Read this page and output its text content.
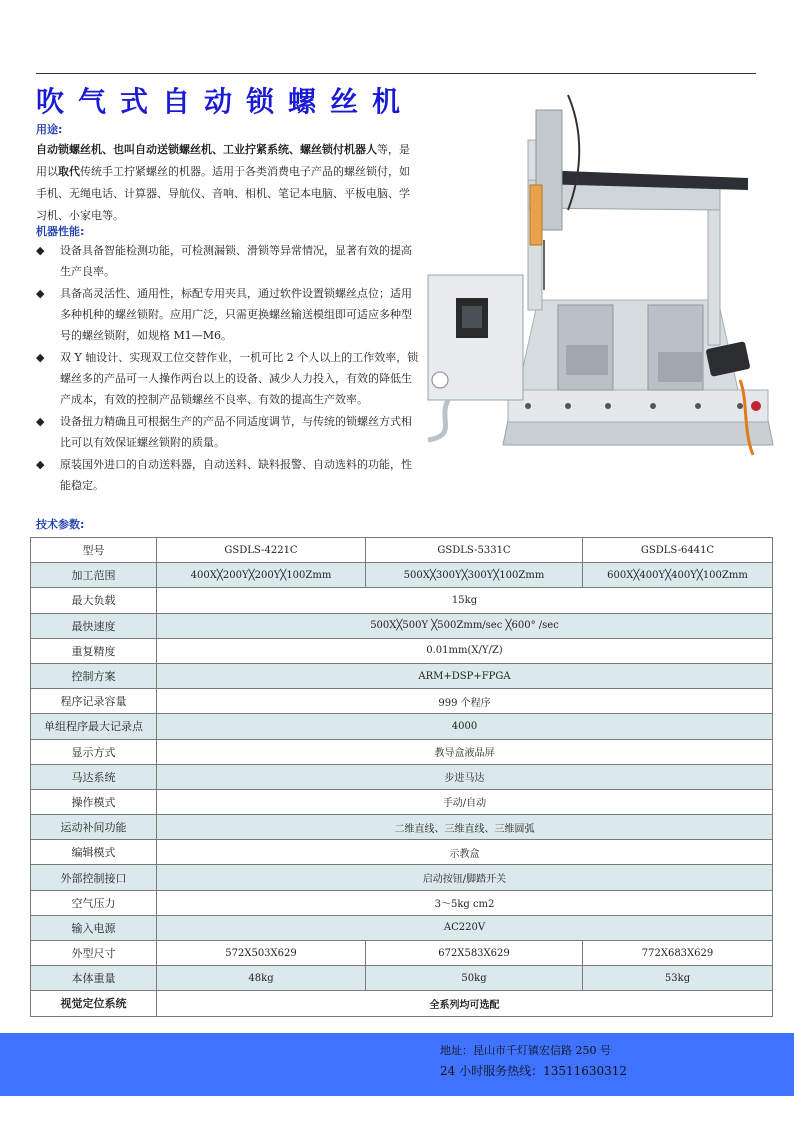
吹气式自动锁螺丝机
用途:
自动锁螺丝机、也叫自动送锁螺丝机、工业拧紧系统、螺丝锁付机器人等，是用以取代传统手工拧紧螺丝的机器。适用于各类消费电子产品的螺丝锁付，如手机、无绳电话、计算器、导航仪、音响、相机、笔记本电脑、平板电脑、学习机、小家电等。
机器性能:
◆ 设备具备智能检测功能，可检测漏锁、滑锁等异常情况，显著有效的提高生产良率。
◆ 具备高灵活性、通用性，标配专用夹具，通过软件设置锁螺丝点位；适用多种机种的螺丝锁附。应用广泛，只需更换螺丝输送模组即可适应多种型号的螺丝锁附，如规格 M1—M6。
◆ 双 Y 轴设计、实现双工位交替作业，一机可比 2 个人以上的工作效率，锁螺丝多的产品可一人操作两台以上的设备、减少人力投入，有效的降低生产成本，有效的控制产品锁螺丝不良率、有效的提高生产效率。
◆ 设备扭力精确且可根据生产的产品不同适度调节，与传统的锁螺丝方式相比可以有效保证螺丝锁附的质量。
◆ 原装国外进口的自动送料器，自动送料、缺料报警、自动选料的功能，性能稳定。
技术参数:
型号	GSDLS-4221C	GSDLS-5331C	GSDLS-6441C
加工范围	400X╳200Y╳200Y╳100Zmm	500X╳300Y╳300Y╳100Zmm	600X╳400Y╳400Y╳100Zmm
最大负载	15kg		
最快速度	500X╳500Y ╳500Zmm/sec ╳600° /sec		
重复精度	0.01mm(X/Y/Z)		
控制方案	ARM+DSP+FPGA		
程序记录容量	999 个程序		
单组程序最大记录点	4000		
显示方式	教导盒液晶屏		
马达系统	步进马达		
操作模式	手动/自动		
运动补间功能	二维直线、三维直线、三维圆弧		
编辑模式	示教盒		
外部控制接口	启动按钮/脚踏开关		
空气压力	3～5kg cm2		
输入电源	AC220V		
外型尺寸	572X503X629	672X583X629	772X683X629
本体重量	48kg	50kg	53kg
视觉定位系统	全系列均可选配		
地址：昆山市千灯镇宏信路 250 号
24 小时服务热线：13511630312
